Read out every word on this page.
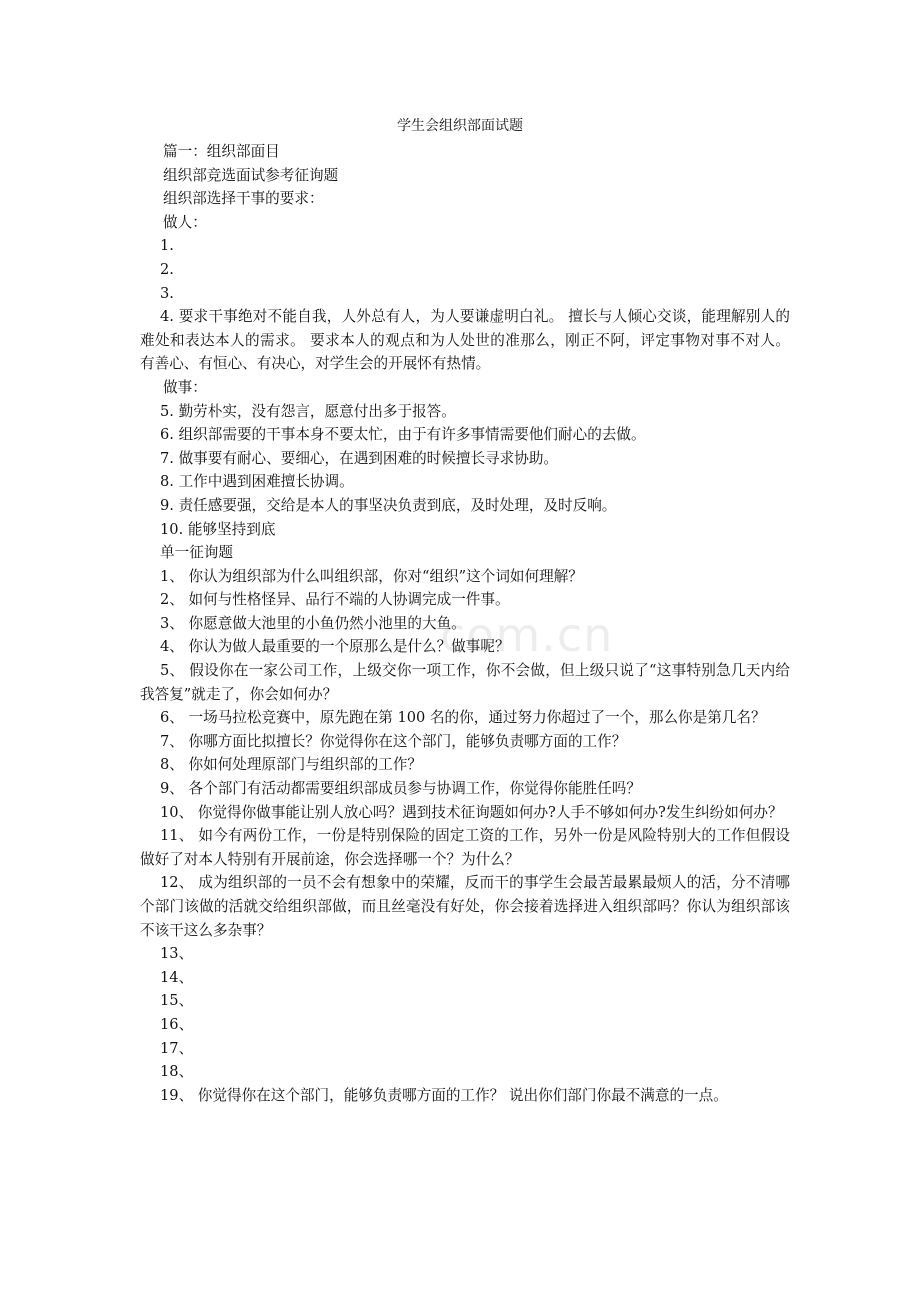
com.cn
学生会组织部面试题
篇一：组织部面目
组织部竞选面试参考征询题
组织部选择干事的要求：
做人：
1.
2.
3.
4. 要求干事绝对不能自我，人外总有人，为人要谦虚明白礼。 擅长与人倾心交谈，能理解别人的难处和表达本人的需求。 要求本人的观点和为人处世的准那么，刚正不阿，评定事物对事不对人。 有善心、有恒心、有决心，对学生会的开展怀有热情。
做事：
5. 勤劳朴实，没有怨言，愿意付出多于报答。
6. 组织部需要的干事本身不要太忙，由于有许多事情需要他们耐心的去做。
7. 做事要有耐心、要细心，在遇到困难的时候擅长寻求协助。
8. 工作中遇到困难擅长协调。
9. 责任感要强，交给是本人的事坚决负责到底，及时处理，及时反响。
10. 能够坚持到底
单一征询题
1、 你认为组织部为什么叫组织部，你对“组织”这个词如何理解？
2、 如何与性格怪异、品行不端的人协调完成一件事。
3、 你愿意做大池里的小鱼仍然小池里的大鱼。
4、 你认为做人最重要的一个原那么是什么？做事呢？
5、 假设你在一家公司工作，上级交你一项工作，你不会做，但上级只说了“这事特别急几天内给我答复”就走了，你会如何办？
6、 一场马拉松竞赛中，原先跑在第 100 名的你，通过努力你超过了一个，那么你是第几名？
7、 你哪方面比拟擅长？你觉得你在这个部门，能够负责哪方面的工作？
8、 你如何处理原部门与组织部的工作？
9、 各个部门有活动都需要组织部成员参与协调工作，你觉得你能胜任吗？
10、 你觉得你做事能让别人放心吗？遇到技术征询题如何办?人手不够如何办?发生纠纷如何办？
11、 如今有两份工作，一份是特别保险的固定工资的工作，另外一份是风险特别大的工作但假设做好了对本人特别有开展前途，你会选择哪一个？为什么？
12、 成为组织部的一员不会有想象中的荣耀，反而干的事学生会最苦最累最烦人的活，分不清哪个部门该做的活就交给组织部做，而且丝毫没有好处，你会接着选择进入组织部吗？你认为组织部该不该干这么多杂事？
13、
14、
15、
16、
17、
18、
19、 你觉得你在这个部门，能够负责哪方面的工作？ 说出你们部门你最不满意的一点。
